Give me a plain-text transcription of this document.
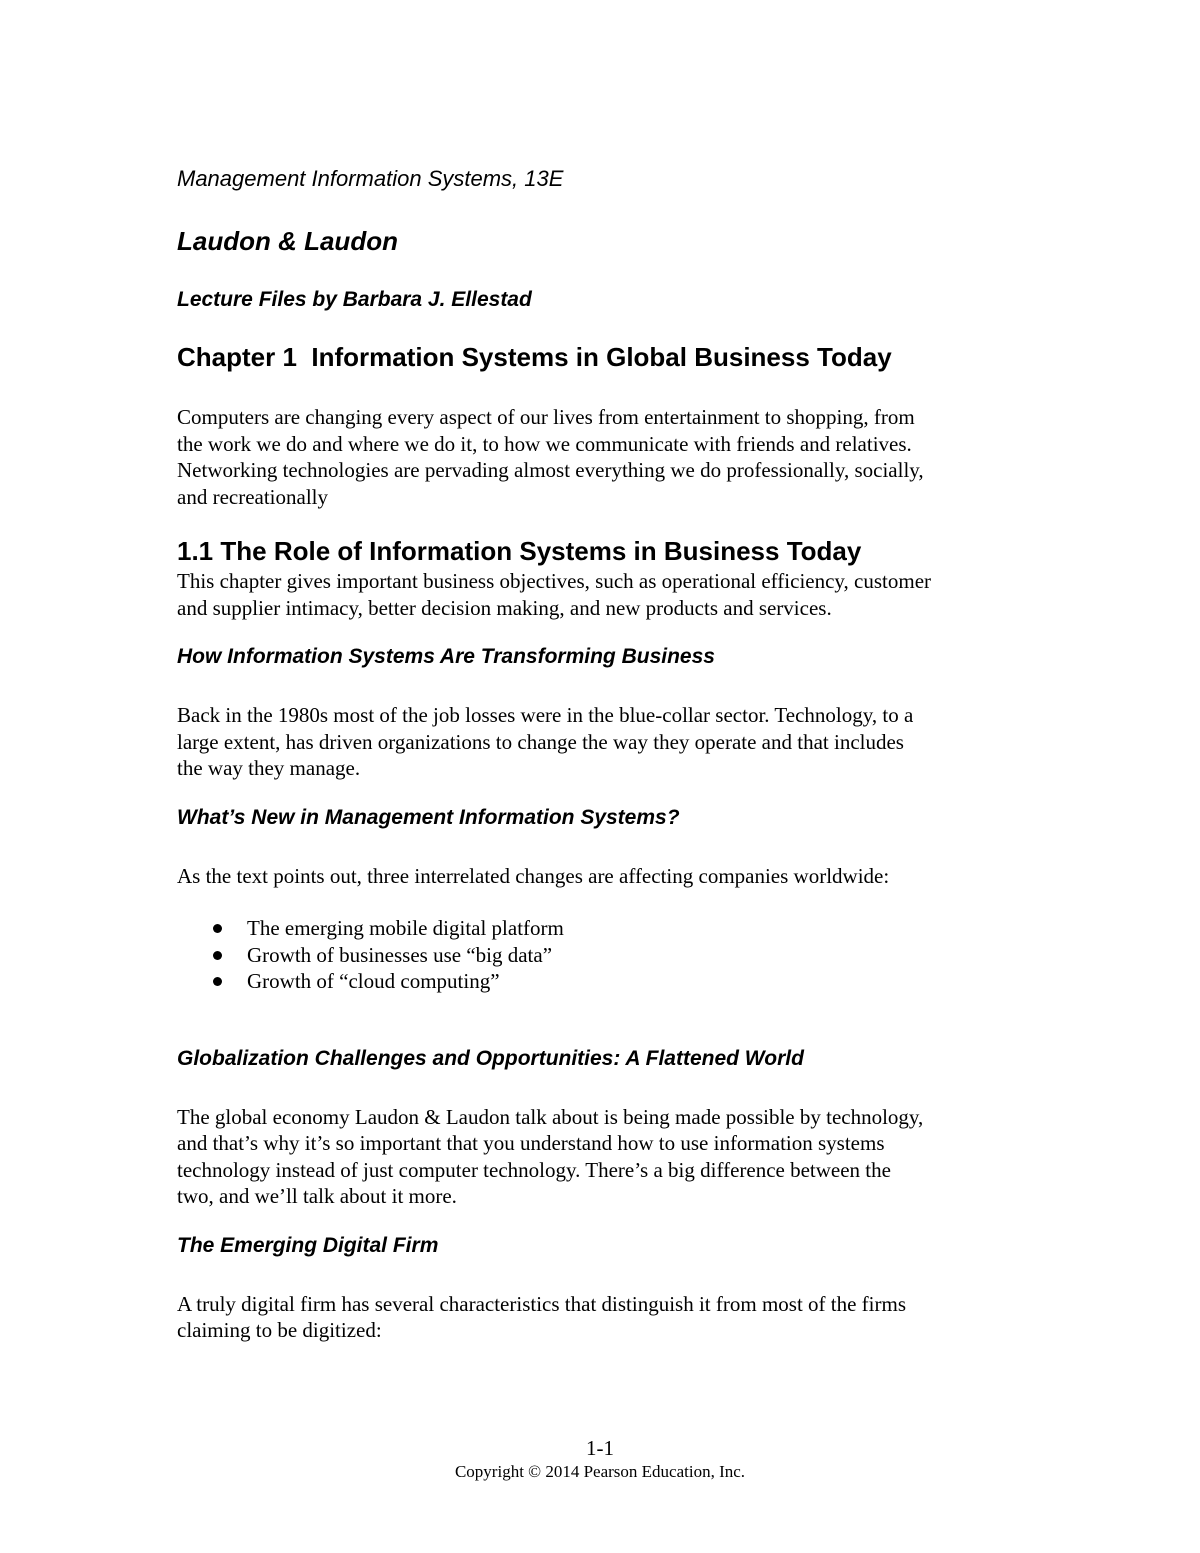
Management Information Systems, 13E

Laudon & Laudon

Lecture Files by Barbara J. Ellestad

Chapter 1  Information Systems in Global Business Today

Computers are changing every aspect of our lives from entertainment to shopping, from
the work we do and where we do it, to how we communicate with friends and relatives.
Networking technologies are pervading almost everything we do professionally, socially,
and recreationally

1.1 The Role of Information Systems in Business Today

This chapter gives important business objectives, such as operational efficiency, customer
and supplier intimacy, better decision making, and new products and services.

How Information Systems Are Transforming Business

Back in the 1980s most of the job losses were in the blue-collar sector. Technology, to a
large extent, has driven organizations to change the way they operate and that includes
the way they manage.

What’s New in Management Information Systems?

As the text points out, three interrelated changes are affecting companies worldwide:

The emerging mobile digital platform
Growth of businesses use “big data”
Growth of “cloud computing”
Globalization Challenges and Opportunities: A Flattened World

The global economy Laudon & Laudon talk about is being made possible by technology,
and that’s why it’s so important that you understand how to use information systems
technology instead of just computer technology. There’s a big difference between the
two, and we’ll talk about it more.

The Emerging Digital Firm

A truly digital firm has several characteristics that distinguish it from most of the firms
claiming to be digitized:

1-1
Copyright © 2014 Pearson Education, Inc.
